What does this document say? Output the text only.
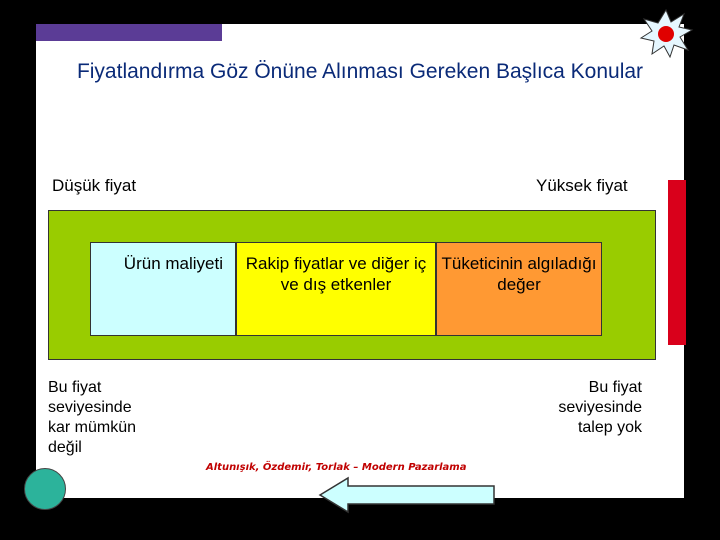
Fiyatlandırma Göz Önüne Alınması Gereken Başlıca Konular
Düşük fiyat	Yüksek fiyat
Ürün maliyeti	Rakip fiyatlar ve diğer iç ve dış etkenler
Tüketicinin algıladığı değer
Bu fiyat seviyesinde kar mümkün değil
Bu fiyat seviyesinde talep yok
Altunışık, Özdemir, Torlak – Modern Pazarlama
